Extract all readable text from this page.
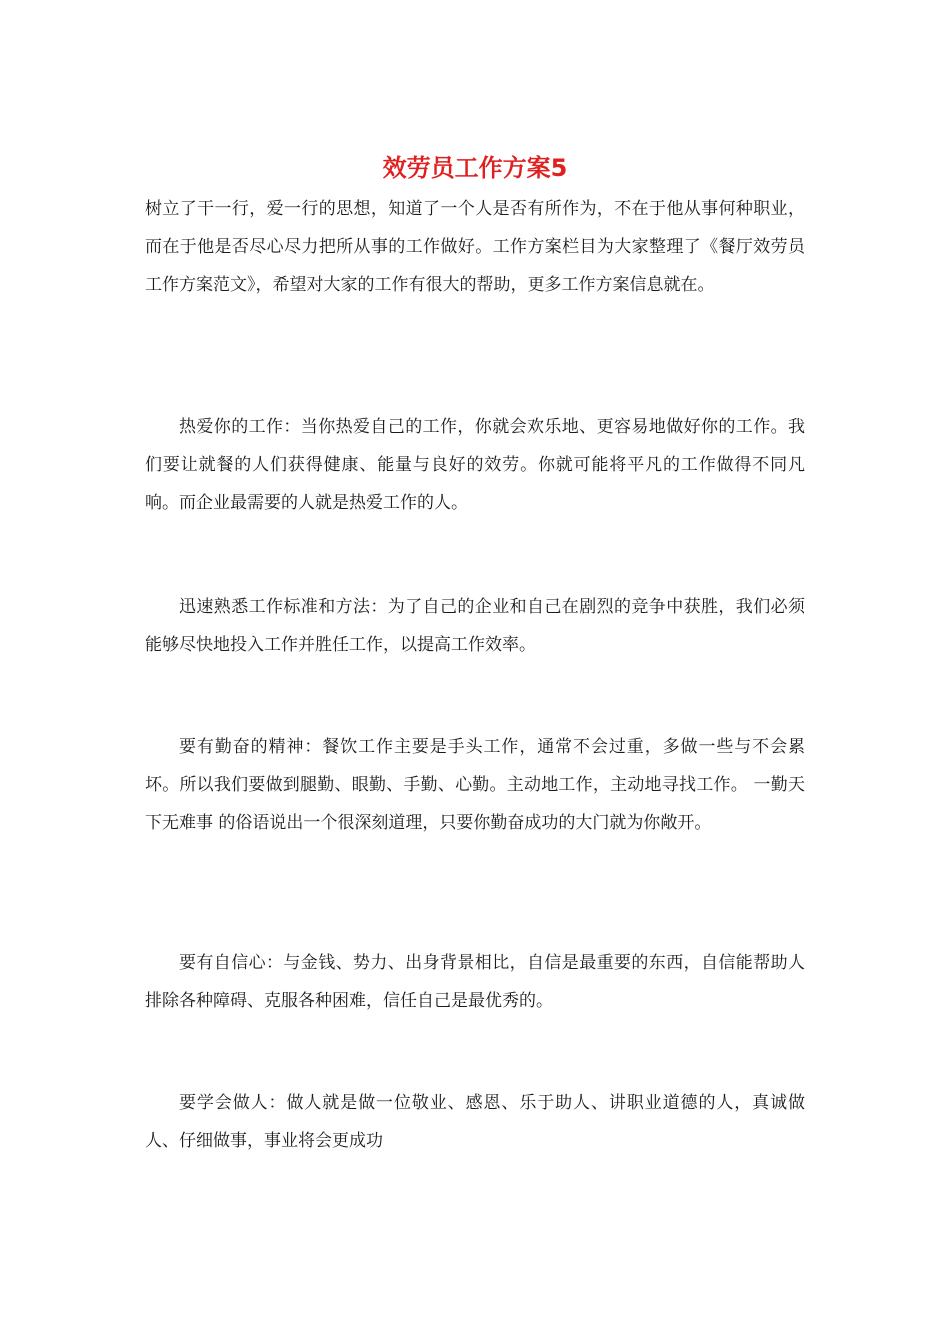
效劳员工作方案5

树立了干一行，爱一行的思想，知道了一个人是否有所作为，不在于他从事何种职业，而在于他是否尽心尽力把所从事的工作做好。工作方案栏目为大家整理了《餐厅效劳员工作方案范文》，希望对大家的工作有很大的帮助，更多工作方案信息就在。

热爱你的工作：当你热爱自己的工作，你就会欢乐地、更容易地做好你的工作。我们要让就餐的人们获得健康、能量与良好的效劳。你就可能将平凡的工作做得不同凡响。而企业最需要的人就是热爱工作的人。

迅速熟悉工作标准和方法：为了自己的企业和自己在剧烈的竞争中获胜，我们必须能够尽快地投入工作并胜任工作，以提高工作效率。

要有勤奋的精神：餐饮工作主要是手头工作，通常不会过重，多做一些与不会累坏。所以我们要做到腿勤、眼勤、手勤、心勤。主动地工作，主动地寻找工作。 一勤天下无难事 的俗语说出一个很深刻道理，只要你勤奋成功的大门就为你敞开。

要有自信心：与金钱、势力、出身背景相比，自信是最重要的东西，自信能帮助人排除各种障碍、克服各种困难，信任自己是最优秀的。

要学会做人：做人就是做一位敬业、感恩、乐于助人、讲职业道德的人，真诚做人、仔细做事，事业将会更成功
